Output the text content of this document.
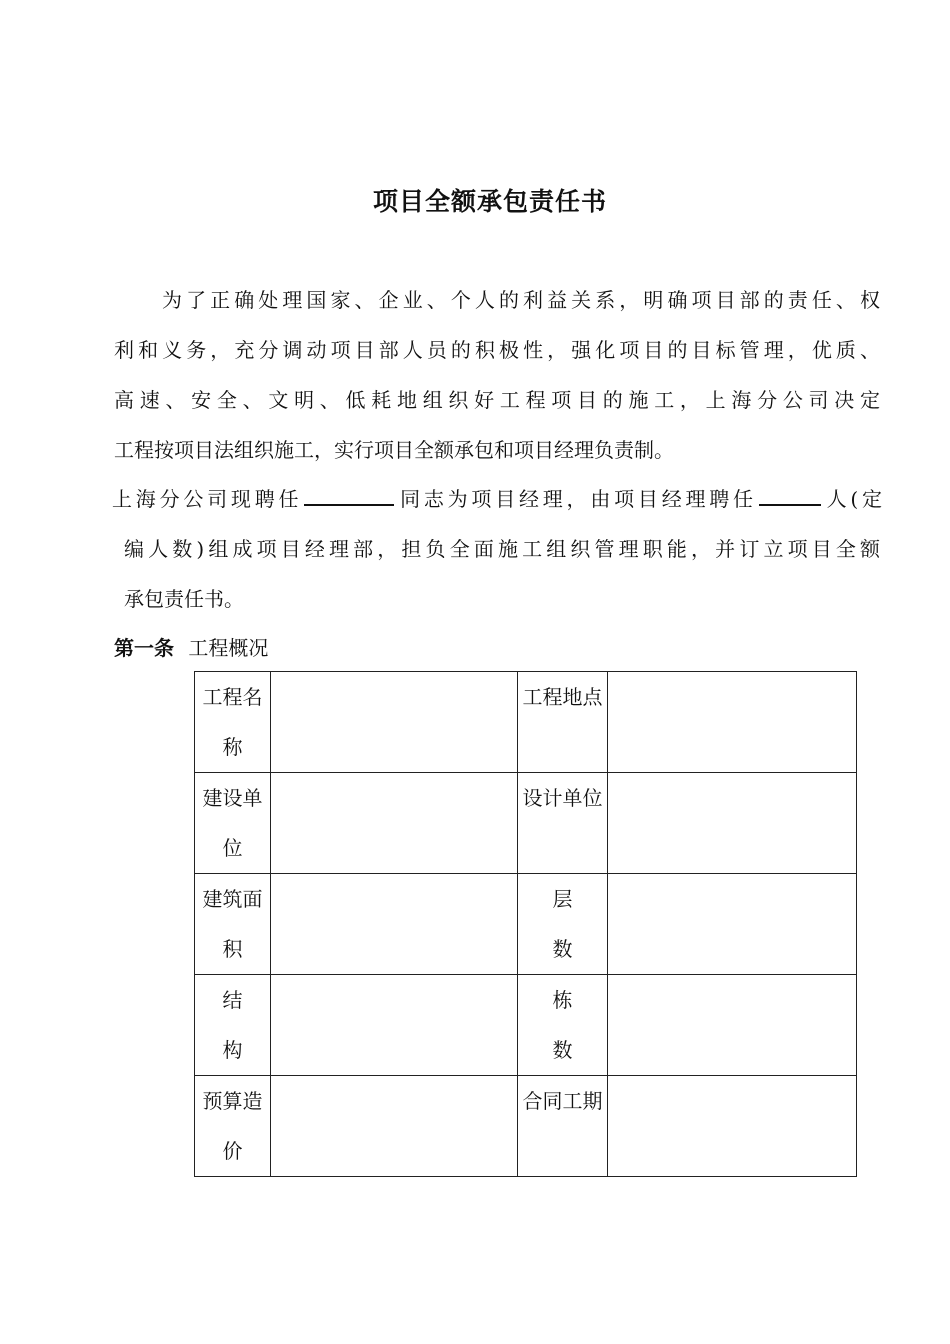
项目全额承包责任书
为了正确处理国家、企业、个人的利益关系，明确项目部的责任、权
利和义务，充分调动项目部人员的积极性，强化项目的目标管理，优质、
高速、安全、文明、低耗地组织好工程项目的施工，上海分公司决定
工程按项目法组织施工，实行项目全额承包和项目经理负责制。
上海分公司现聘任	同志为项目经理，由项目经理聘任	人(定
编人数)组成项目经理部，担负全面施工组织管理职能，并订立项目全额
承包责任书。
第一条 工程概况
工程名称		工程地点	
建设单位		设计单位	
建筑面积		层数	
结构		栋数	
预算造价		合同工期	
